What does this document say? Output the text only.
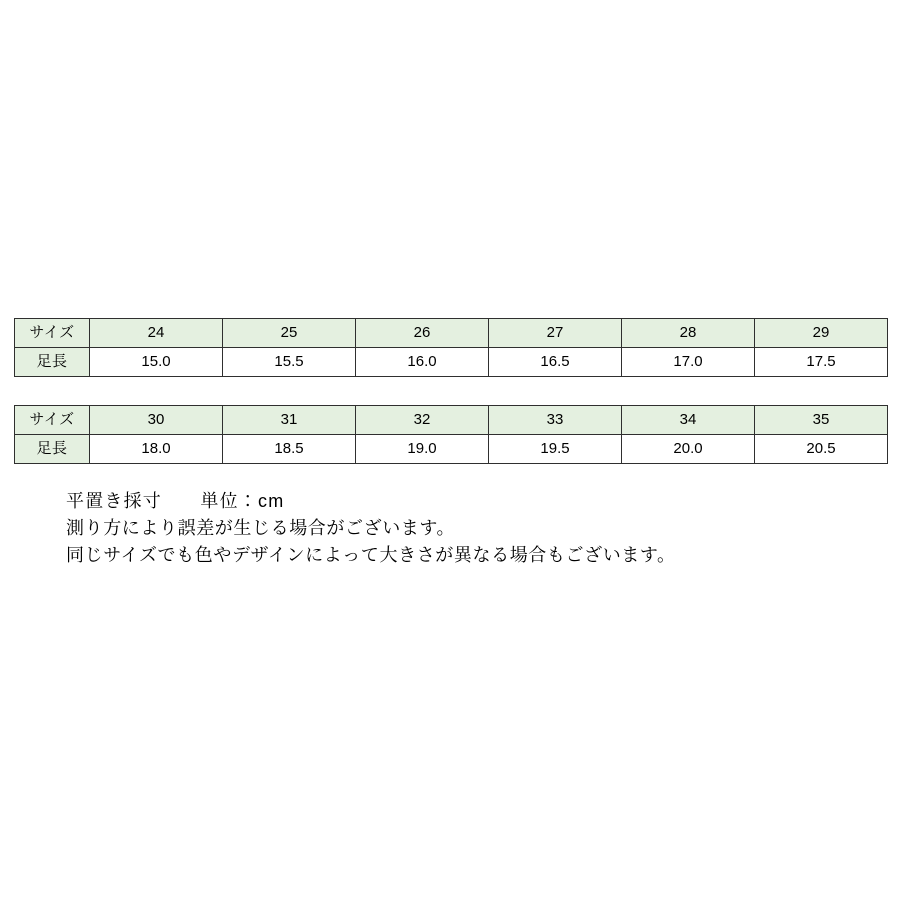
サイズ	24	25	26	27	28	29
足長	15.0	15.5	16.0	16.5	17.0	17.5
サイズ	30	31	32	33	34	35
足長	18.0	18.5	19.0	19.5	20.0	20.5
平置き採寸　　単位：cm
測り方により誤差が生じる場合がございます。
同じサイズでも色やデザインによって大きさが異なる場合もございます。
